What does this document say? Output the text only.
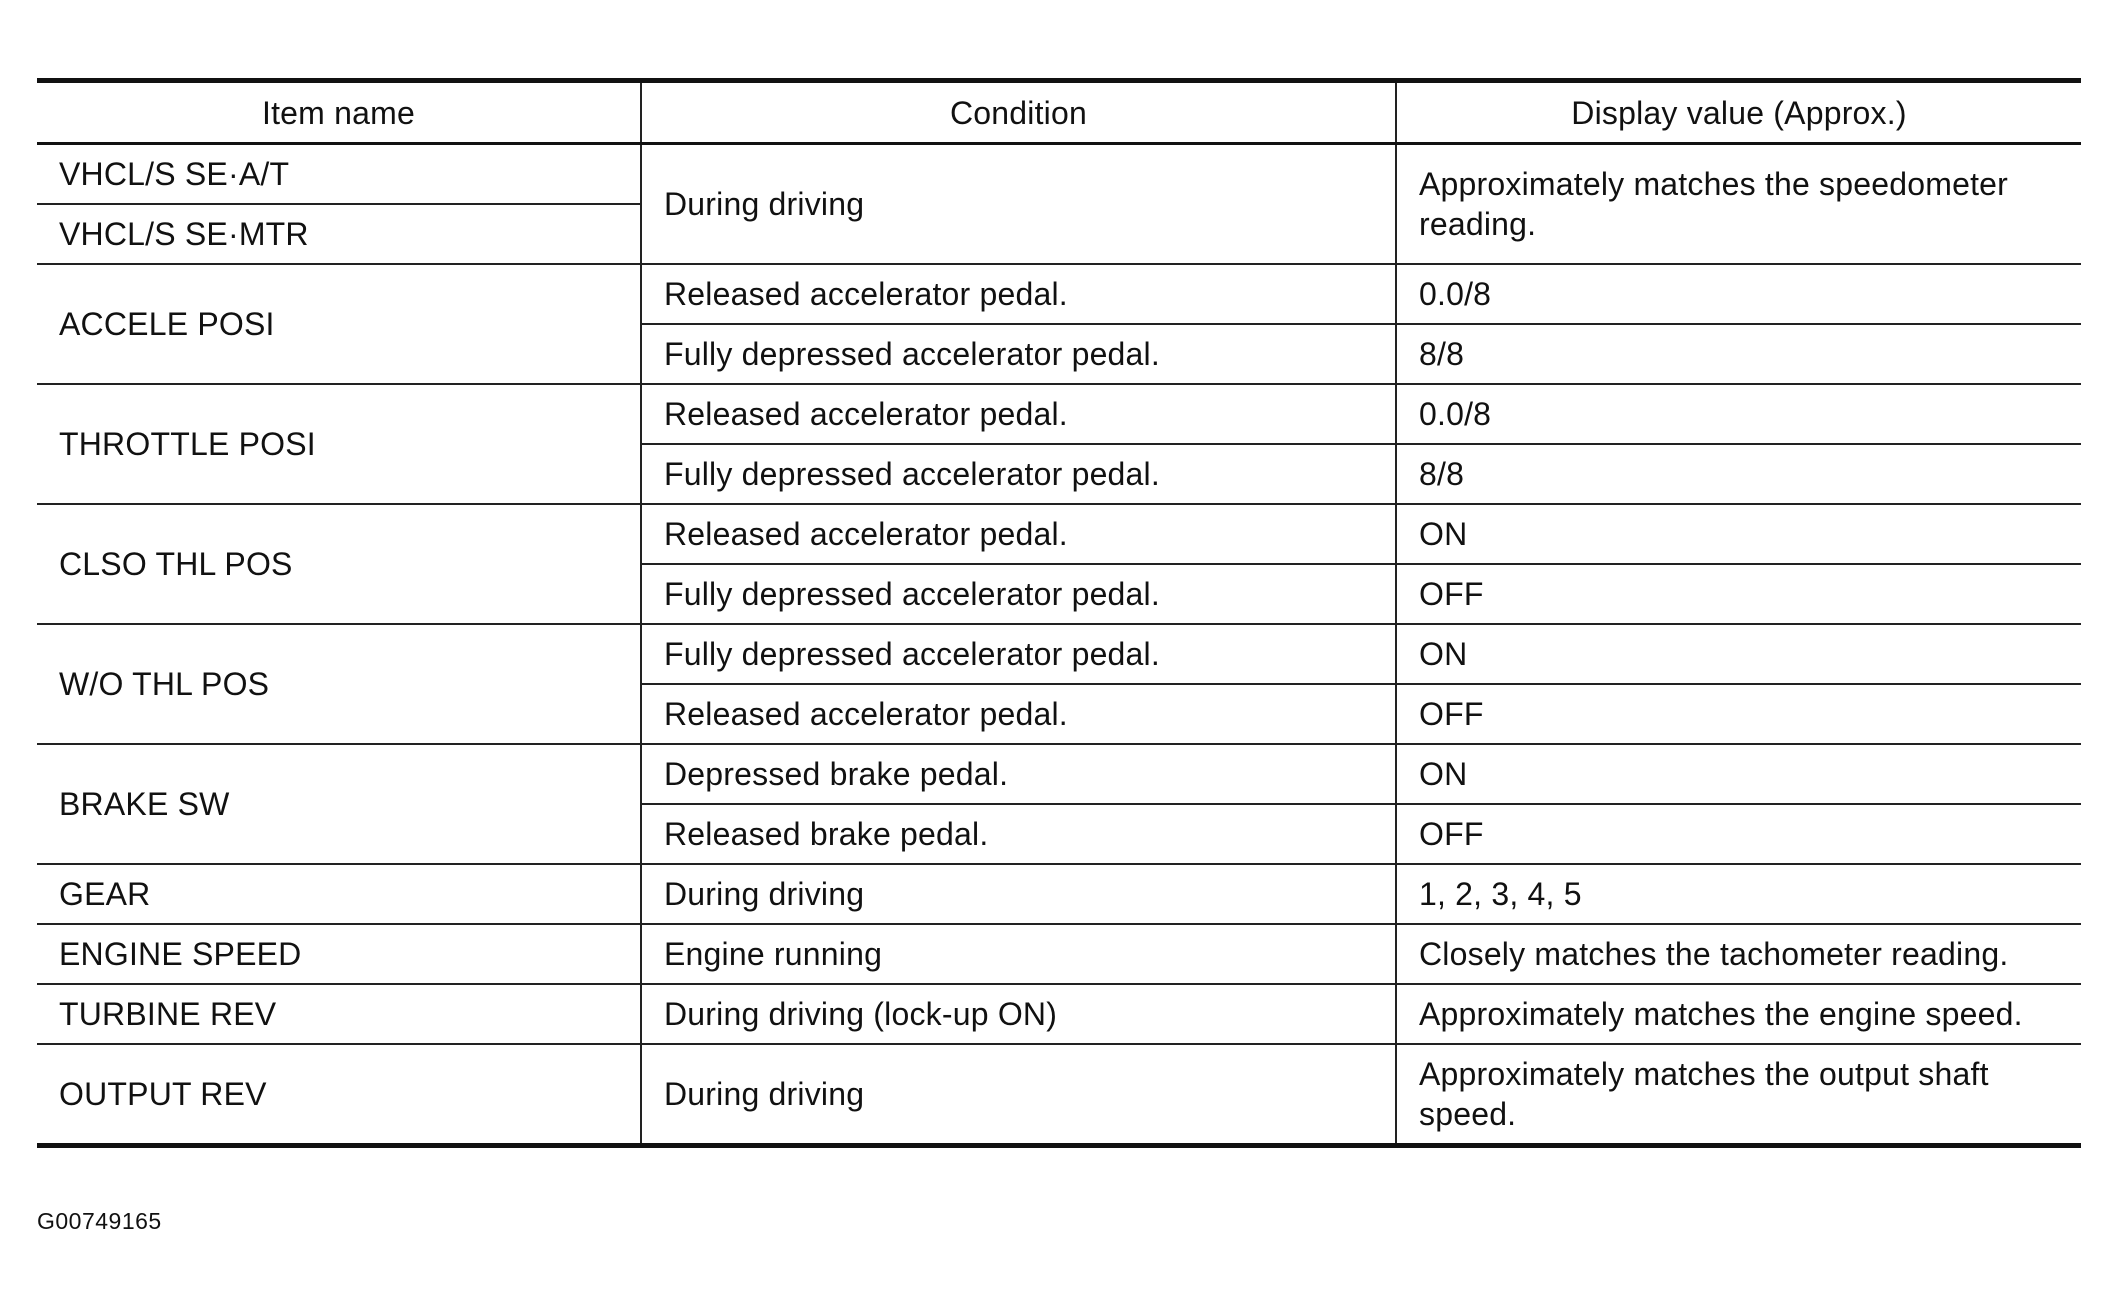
Item name	Condition	Display value (Approx.)
VHCL/S SE·A/T	During driving	Approximately matches the speedometer reading.
VHCL/S SE·MTR		
ACCELE POSI	Released accelerator pedal.	0.0/8
	Fully depressed accelerator pedal.	8/8
THROTTLE POSI	Released accelerator pedal.	0.0/8
	Fully depressed accelerator pedal.	8/8
CLSO THL POS	Released accelerator pedal.	ON
	Fully depressed accelerator pedal.	OFF
W/O THL POS	Fully depressed accelerator pedal.	ON
	Released accelerator pedal.	OFF
BRAKE SW	Depressed brake pedal.	ON
	Released brake pedal.	OFF
GEAR	During driving	1, 2, 3, 4, 5
ENGINE SPEED	Engine running	Closely matches the tachometer reading.
TURBINE REV	During driving (lock-up ON)	Approximately matches the engine speed.
OUTPUT REV	During driving	Approximately matches the output shaft speed.
G00749165
